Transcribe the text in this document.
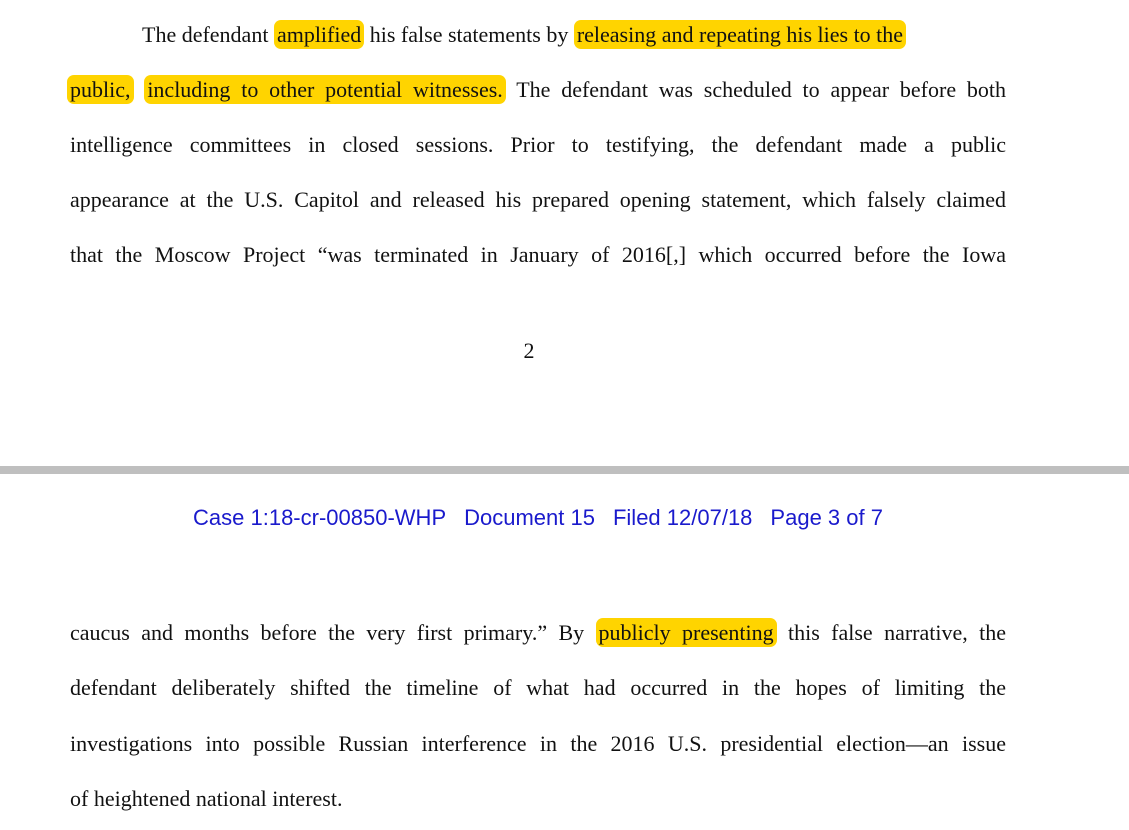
The defendant amplified his false statements by releasing and repeating his lies to the
public, including to other potential witnesses. The defendant was scheduled to appear before both
intelligence committees in closed sessions. Prior to testifying, the defendant made a public
appearance at the U.S. Capitol and released his prepared opening statement, which falsely claimed
that the Moscow Project “was terminated in January of 2016[,] which occurred before the Iowa
2
Case 1:18-cr-00850-WHP Document 15 Filed 12/07/18 Page 3 of 7
caucus and months before the very first primary.” By publicly presenting this false narrative, the
defendant deliberately shifted the timeline of what had occurred in the hopes of limiting the
investigations into possible Russian interference in the 2016 U.S. presidential election—an issue
of heightened national interest.
